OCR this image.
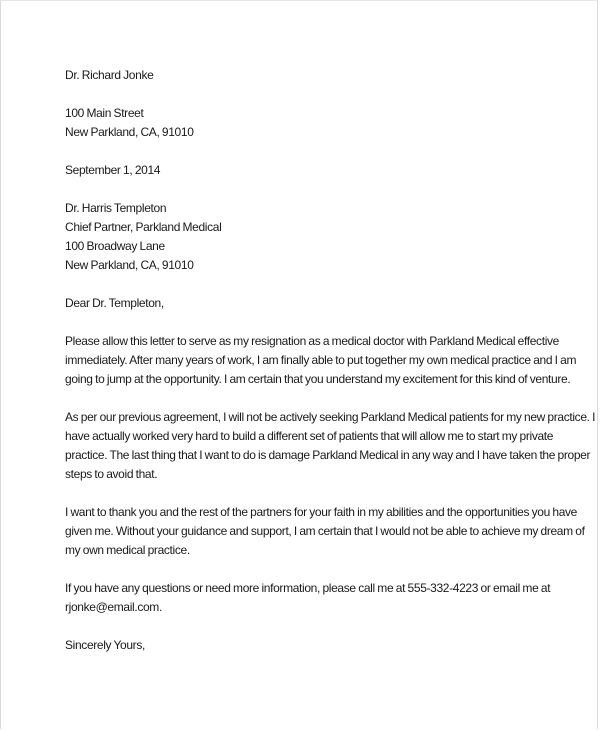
Dr. Richard Jonke
100 Main Street
New Parkland, CA, 91010
September 1, 2014
Dr. Harris Templeton
Chief Partner, Parkland Medical
100 Broadway Lane
New Parkland, CA, 91010
Dear Dr. Templeton,
Please allow this letter to serve as my resignation as a medical doctor with Parkland Medical effective
immediately. After many years of work, I am finally able to put together my own medical practice and I am
going to jump at the opportunity. I am certain that you understand my excitement for this kind of venture.
As per our previous agreement, I will not be actively seeking Parkland Medical patients for my new practice. I
have actually worked very hard to build a different set of patients that will allow me to start my private
practice. The last thing that I want to do is damage Parkland Medical in any way and I have taken the proper
steps to avoid that.
I want to thank you and the rest of the partners for your faith in my abilities and the opportunities you have
given me. Without your guidance and support, I am certain that I would not be able to achieve my dream of
my own medical practice.
If you have any questions or need more information, please call me at 555-332-4223 or email me at
rjonke@email.com.
Sincerely Yours,
